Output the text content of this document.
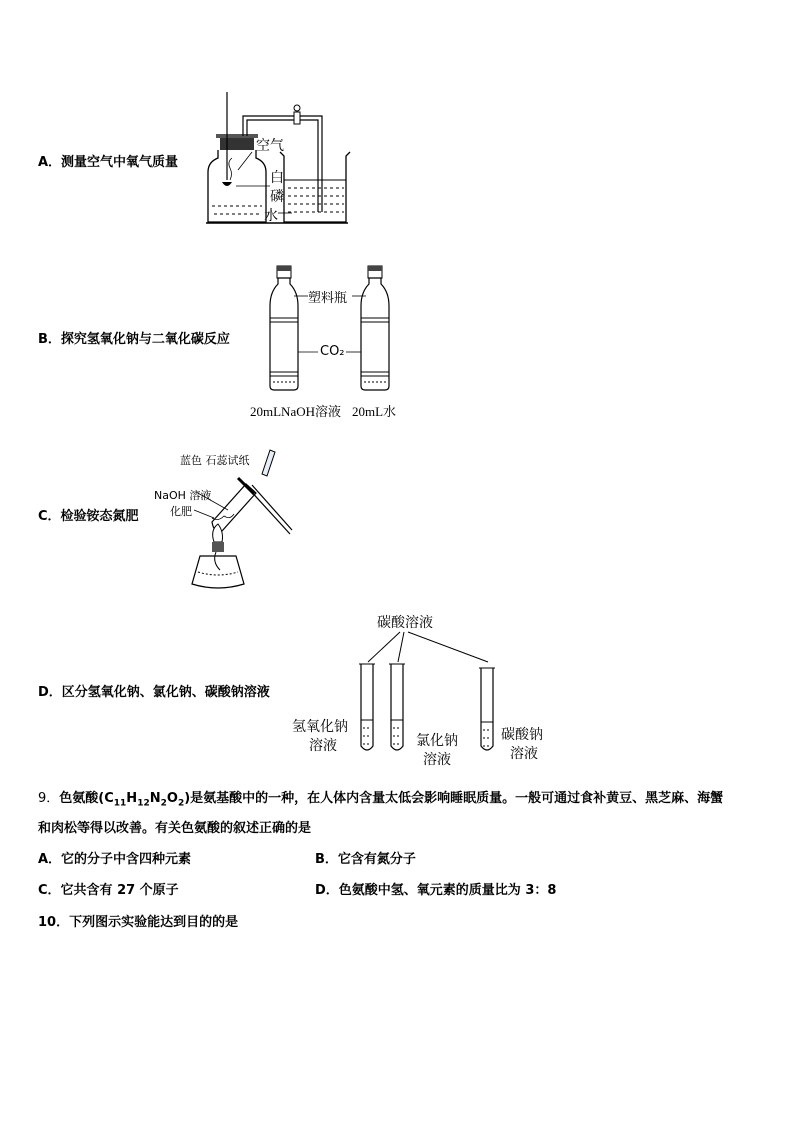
A．测量空气中氧气质量
空气
白
磷
水
B．探究氢氧化钠与二氧化碳反应
塑料瓶
CO₂
20mLNaOH溶液 20mL水
C．检验铵态氮肥
蓝色 石蕊试纸
NaOH 溶液
化肥
D．区分氢氧化钠、氯化钠、碳酸钠溶液
碳酸溶液
氢氧化钠
溶液	氯化钠
溶液
碳酸钠
溶液
9．色氨酸$(C_{11}H_{12}N_2O_2)$是氨基酸中的一种，在人体内含量太低会影响睡眠质量。一般可通过食补黄豆、黑芝麻、海蟹
和肉松等得以改善。有关色氨酸的叙述正确的是
A．它的分子中含四种元素	B．它含有氮分子
C．它共含有 27 个原子	D．色氨酸中氢、氧元素的质量比为 3：8
10．下列图示实验能达到目的的是
